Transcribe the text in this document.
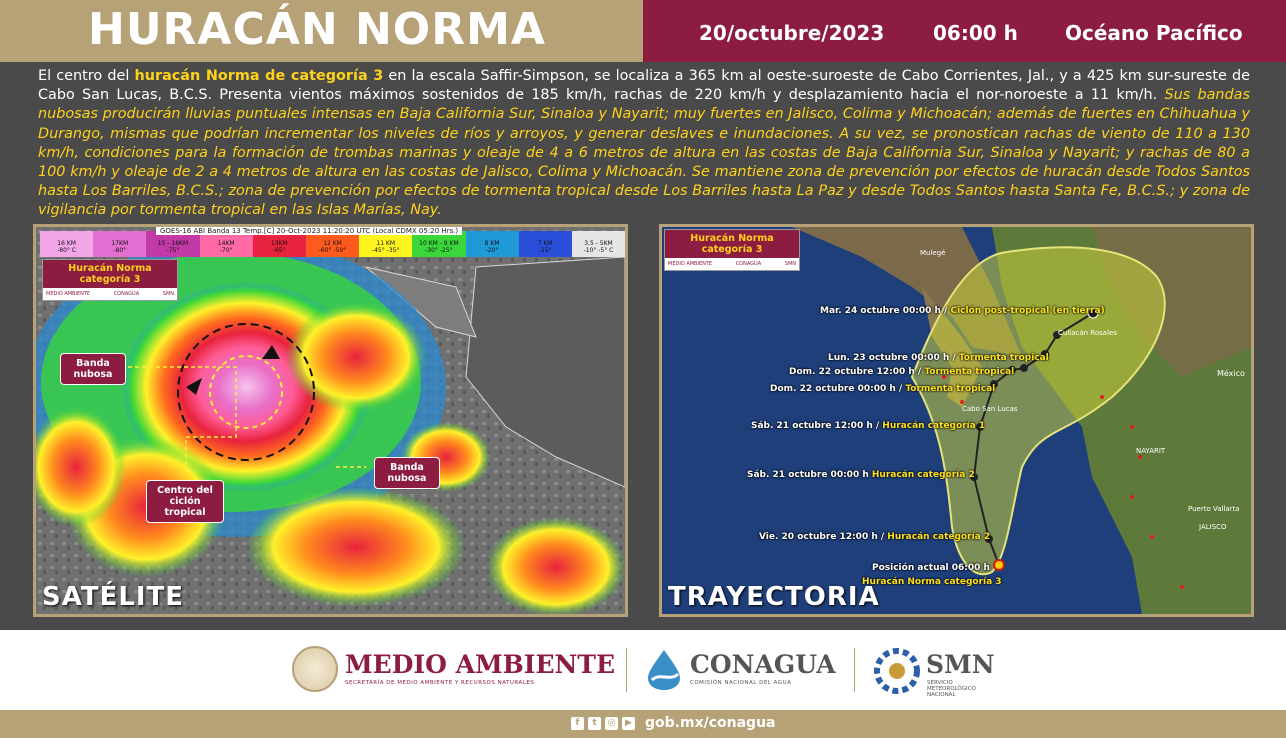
HURACÁN NORMA	20/octubre/2023 06:00 h Océano Pacífico
El centro del huracán Norma de categoría 3 en la escala Saffir-Simpson, se localiza a 365 km al oeste-suroeste de Cabo Corrientes, Jal., y a 425 km sur-sureste de Cabo San Lucas, B.C.S. Presenta vientos máximos sostenidos de 185 km/h, rachas de 220 km/h y desplazamiento hacia el nor-noroeste a 11 km/h. Sus bandas nubosas producirán lluvias puntuales intensas en Baja California Sur, Sinaloa y Nayarit; muy fuertes en Jalisco, Colima y Michoacán; además de fuertes en Chihuahua y Durango, mismas que podrían incrementar los niveles de ríos y arroyos, y generar deslaves e inundaciones. A su vez, se pronostican rachas de viento de 110 a 130 km/h, condiciones para la formación de trombas marinas y oleaje de 4 a 6 metros de altura en las costas de Baja California Sur, Sinaloa y Nayarit; y rachas de 80 a 100 km/h y oleaje de 2 a 4 metros de altura en las costas de Jalisco, Colima y Michoacán. Se mantiene zona de prevención por efectos de huracán desde Todos Santos hasta Los Barriles, B.C.S.; zona de prevención por efectos de tormenta tropical desde Los Barriles hasta La Paz y desde Todos Santos hasta Santa Fe, B.C.S.; y zona de vigilancia por tormenta tropical en las Islas Marías, Nay.
16 KM
-80° C
17KM
-80°
15 - 16KM
-75°
14KM
-70°
13KM
-65°
12 KM
-60° -50°
11 KM
-45° -35°
10 KM - 9 KM
-30° -25°
8 KM
-20°
7 KM
-15°
3.5 - 5KM
-10° -5° C
GOES-16 ABI Banda 13 Temp.[C] 20-Oct-2023 11:20:20 UTC (Local CDMX 05:20 Hrs.)
Huracán Norma categoría 3
MEDIO AMBIENTE	CONAGUA	SMN
Banda nubosa
Centro del ciclón tropical
Banda nubosa
SATÉLITE
Huracán Norma categoría 3
MEDIO AMBIENTE	CONAGUA	SMN
Mulegé
Cabo San Lucas
México
NAYARIT
JALISCO
Puerto Vallarta
Culiacán Rosales
Mar. 24 octubre 00:00 h / Ciclón post-tropical (en tierra)
Lun. 23 octubre 00:00 h / Tormenta tropical
Dom. 22 octubre 12:00 h / Tormenta tropical
Dom. 22 octubre 00:00 h / Tormenta tropical
Sáb. 21 octubre 12:00 h / Huracán categoría 1
Sáb. 21 octubre 00:00 h Huracán categoría 2
Vie. 20 octubre 12:00 h / Huracán categoría 2
Posición actual 06:00 h
Huracán Norma categoría 3
TRAYECTORIA
MEDIO AMBIENTE
SECRETARÍA DE MEDIO AMBIENTE Y RECURSOS NATURALES
CONAGUA
COMISIÓN NACIONAL DEL AGUA
SMN
SERVICIO
METEOROLÓGICO
NACIONAL
f	t	◎	▶ gob.mx/conagua
